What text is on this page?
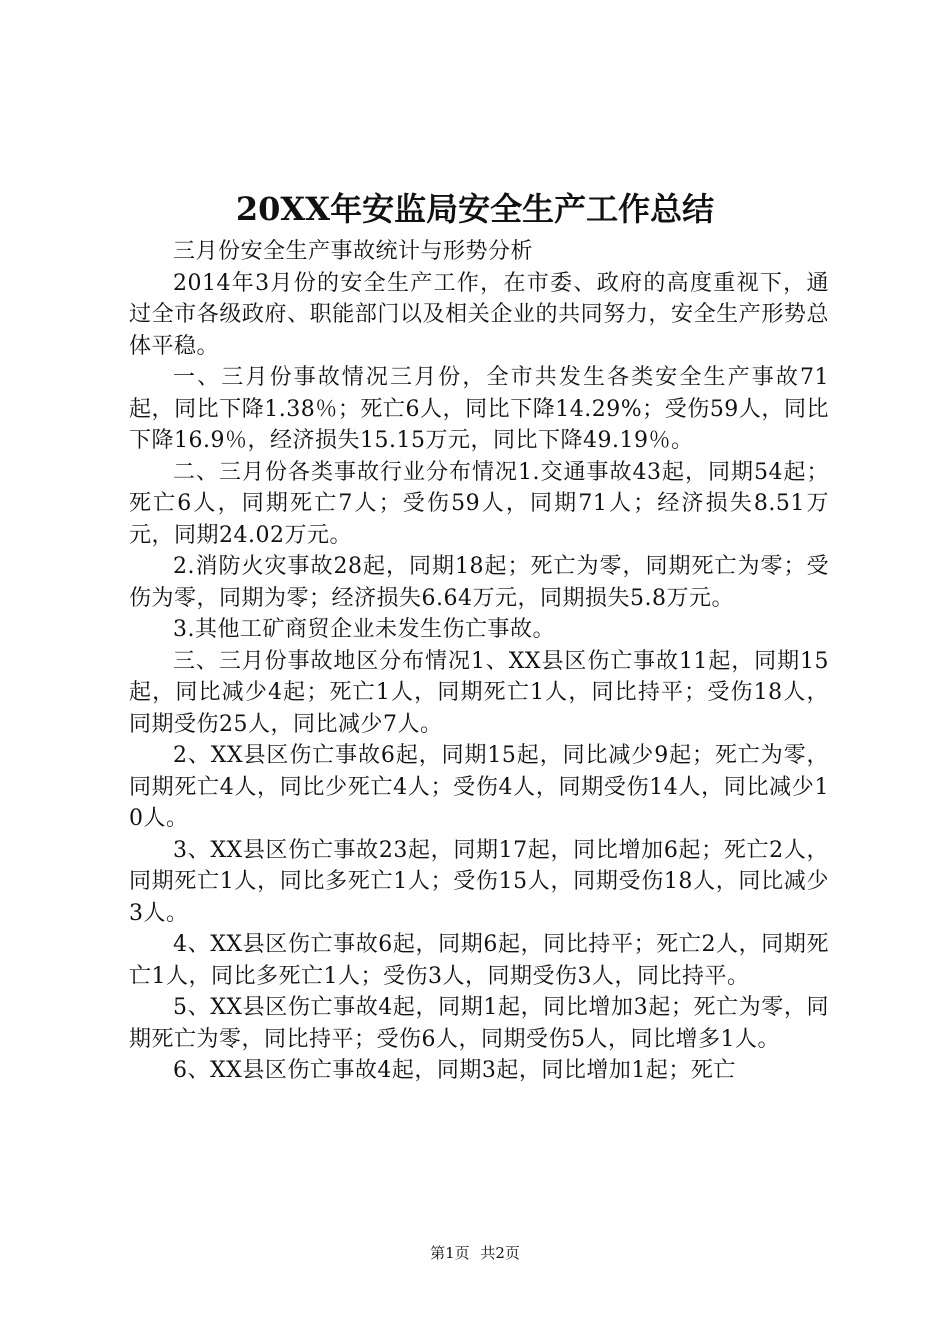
20XX年安监局安全生产工作总结

三月份安全生产事故统计与形势分析

2014年3月份的安全生产工作，在市委、政府的高度重视下，通过全市各级政府、职能部门以及相关企业的共同努力，安全生产形势总体平稳。

一、三月份事故情况三月份，全市共发生各类安全生产事故71起，同比下降1.38％；死亡6人，同比下降14.29%；受伤59人，同比下降16.9％，经济损失15.15万元，同比下降49.19％。

二、三月份各类事故行业分布情况1.交通事故43起，同期54起；死亡6人，同期死亡7人；受伤59人，同期71人；经济损失8.51万元，同期24.02万元。

2.消防火灾事故28起，同期18起；死亡为零，同期死亡为零；受伤为零，同期为零；经济损失6.64万元，同期损失5.8万元。

3.其他工矿商贸企业未发生伤亡事故。

三、三月份事故地区分布情况1、XX县区伤亡事故11起，同期15起，同比减少4起；死亡1人，同期死亡1人，同比持平；受伤18人，同期受伤25人，同比减少7人。

2、XX县区伤亡事故6起，同期15起，同比减少9起；死亡为零，同期死亡4人，同比少死亡4人；受伤4人，同期受伤14人，同比减少10人。

3、XX县区伤亡事故23起，同期17起，同比增加6起；死亡2人，同期死亡1人，同比多死亡1人；受伤15人，同期受伤18人，同比减少3人。

4、XX县区伤亡事故6起，同期6起，同比持平；死亡2人，同期死亡1人，同比多死亡1人；受伤3人，同期受伤3人，同比持平。

5、XX县区伤亡事故4起，同期1起，同比增加3起；死亡为零，同期死亡为零，同比持平；受伤6人，同期受伤5人，同比增多1人。

6、XX县区伤亡事故4起，同期3起，同比增加1起；死亡

第1页 共2页
